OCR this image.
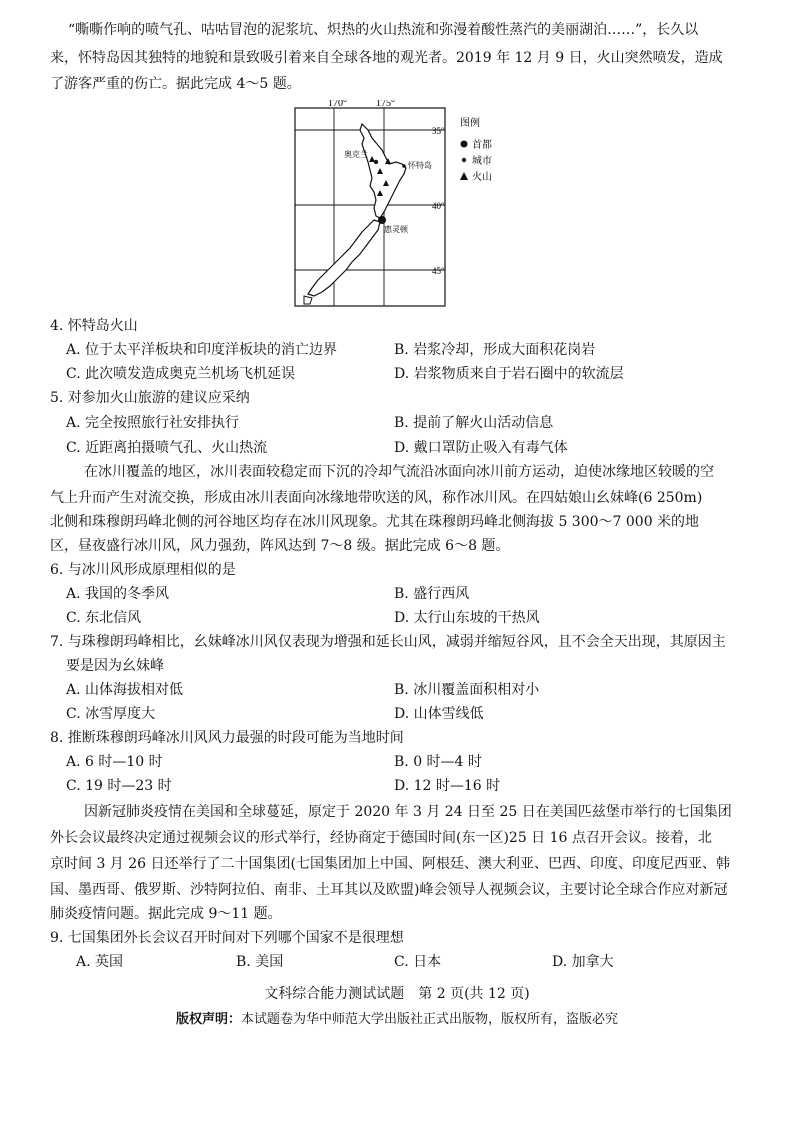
“嘶嘶作响的喷气孔、咕咕冒泡的泥浆坑、炽热的火山热流和弥漫着酸性蒸汽的美丽湖泊……”，长久以
来，怀特岛因其独特的地貌和景致吸引着来自全球各地的观光者。2019 年 12 月 9 日，火山突然喷发，造成
了游客严重的伤亡。据此完成 4～5 题。
170°	175°
35°
40°
45°
奥克兰
怀特岛
惠灵顿
图例
首都
城市
火山
4. 怀特岛火山
A. 位于太平洋板块和印度洋板块的消亡边界	B. 岩浆冷却，形成大面积花岗岩
C. 此次喷发造成奥克兰机场飞机延误	D. 岩浆物质来自于岩石圈中的软流层
5. 对参加火山旅游的建议应采纳
A. 完全按照旅行社安排执行	B. 提前了解火山活动信息
C. 近距离拍摄喷气孔、火山热流	D. 戴口罩防止吸入有毒气体
在冰川覆盖的地区，冰川表面较稳定而下沉的冷却气流沿冰面向冰川前方运动，迫使冰缘地区较暖的空
气上升而产生对流交换，形成由冰川表面向冰缘地带吹送的风，称作冰川风。在四姑娘山幺妹峰(6 250m)
北侧和珠穆朗玛峰北侧的河谷地区均存在冰川风现象。尤其在珠穆朗玛峰北侧海拔 5 300～7 000 米的地
区，昼夜盛行冰川风，风力强劲，阵风达到 7～8 级。据此完成 6～8 题。
6. 与冰川风形成原理相似的是
A. 我国的冬季风	B. 盛行西风
C. 东北信风	D. 太行山东坡的干热风
7. 与珠穆朗玛峰相比，幺妹峰冰川风仅表现为增强和延长山风，减弱并缩短谷风，且不会全天出现，其原因主
要是因为幺妹峰
A. 山体海拔相对低	B. 冰川覆盖面积相对小
C. 冰雪厚度大	D. 山体雪线低
8. 推断珠穆朗玛峰冰川风风力最强的时段可能为当地时间
A. 6 时—10 时	B. 0 时—4 时
C. 19 时—23 时	D. 12 时—16 时
因新冠肺炎疫情在美国和全球蔓延，原定于 2020 年 3 月 24 日至 25 日在美国匹兹堡市举行的七国集团
外长会议最终决定通过视频会议的形式举行，经协商定于德国时间(东一区)25 日 16 点召开会议。接着，北
京时间 3 月 26 日还举行了二十国集团(七国集团加上中国、阿根廷、澳大利亚、巴西、印度、印度尼西亚、韩
国、墨西哥、俄罗斯、沙特阿拉伯、南非、土耳其以及欧盟)峰会领导人视频会议，主要讨论全球合作应对新冠
肺炎疫情问题。据此完成 9～11 题。
9. 七国集团外长会议召开时间对下列哪个国家不是很理想
A. 英国	B. 美国	C. 日本	D. 加拿大
文科综合能力测试试题　第 2 页(共 12 页)
版权声明：本试题卷为华中师范大学出版社正式出版物，版权所有，盗版必究
